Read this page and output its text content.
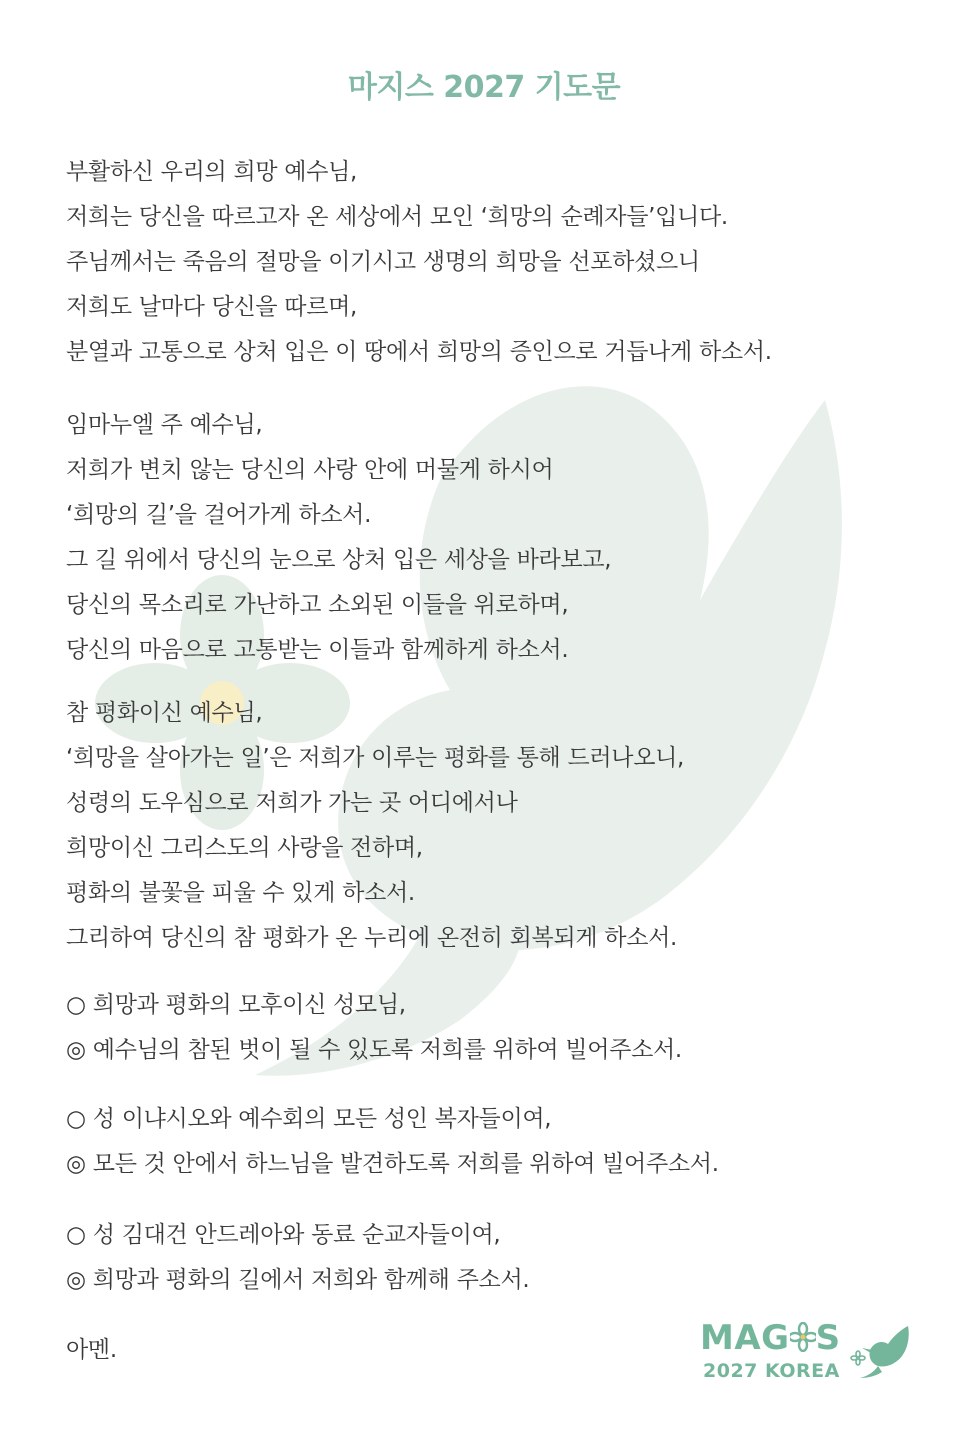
마지스 2027 기도문
부활하신 우리의 희망 예수님,
저희는 당신을 따르고자 온 세상에서 모인 ‘희망의 순례자들’입니다.
주님께서는 죽음의 절망을 이기시고 생명의 희망을 선포하셨으니
저희도 날마다 당신을 따르며,
분열과 고통으로 상처 입은 이 땅에서 희망의 증인으로 거듭나게 하소서.
임마누엘 주 예수님,
저희가 변치 않는 당신의 사랑 안에 머물게 하시어
‘희망의 길’을 걸어가게 하소서.
그 길 위에서 당신의 눈으로 상처 입은 세상을 바라보고,
당신의 목소리로 가난하고 소외된 이들을 위로하며,
당신의 마음으로 고통받는 이들과 함께하게 하소서.
참 평화이신 예수님,
‘희망을 살아가는 일’은 저희가 이루는 평화를 통해 드러나오니,
성령의 도우심으로 저희가 가는 곳 어디에서나
희망이신 그리스도의 사랑을 전하며,
평화의 불꽃을 피울 수 있게 하소서.
그리하여 당신의 참 평화가 온 누리에 온전히 회복되게 하소서.
○ 희망과 평화의 모후이신 성모님,
◎ 예수님의 참된 벗이 될 수 있도록 저희를 위하여 빌어주소서.
○ 성 이냐시오와 예수회의 모든 성인 복자들이여,
◎ 모든 것 안에서 하느님을 발견하도록 저희를 위하여 빌어주소서.
○ 성 김대건 안드레아와 동료 순교자들이여,
◎ 희망과 평화의 길에서 저희와 함께해 주소서.
아멘.	MAG S
2027 KOREA
